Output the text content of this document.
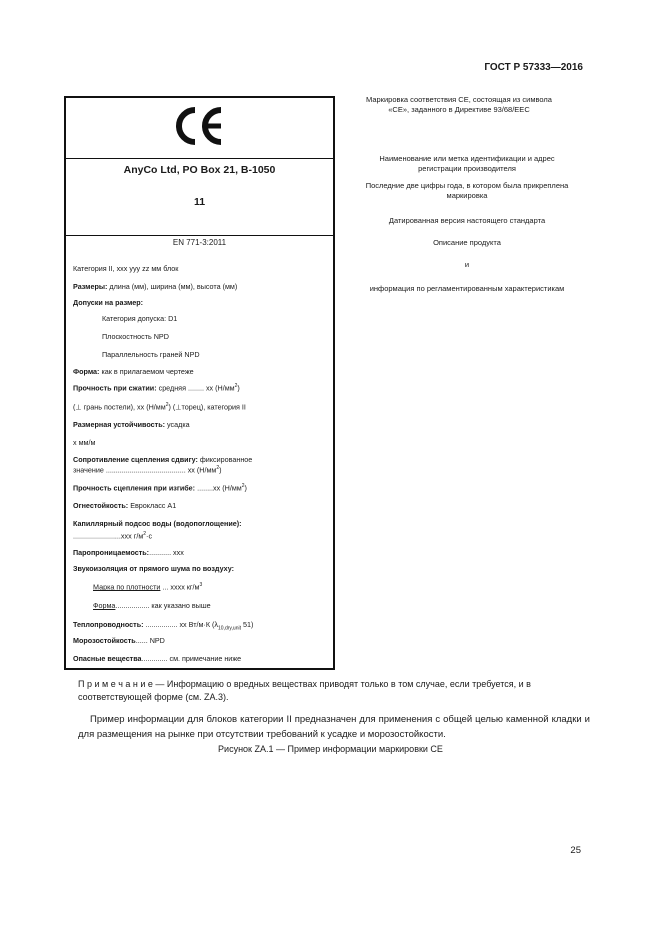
ГОСТ Р 57333—2016
AnyCo Ltd, PO Box 21, B-1050
11
EN 771-3:2011
Категория II, ххх ууу zz мм блок
Размеры: длина (мм), ширина (мм), высота (мм)
Допуски на размер:
Категория допуска: D1
Плоскостность NPD
Параллельность граней NPD
Форма: как в прилагаемом чертеже
Прочность при сжатии: средняя ........ хх $(Н/мм^2)$
(⊥ грань постели), хх $(Н/мм^2)$ (⊥торец), категория II
Размерная устойчивость: усадка
х мм/м
Сопротивление сцепления сдвигу: фиксированное
значение ........................................ хх $(Н/мм^2)$
Прочность сцепления при изгибе: ........хх $(Н/мм^2)$
Огнестойкость: Еврокласс А1
Капиллярный подсос воды (водопоглощение):
........................ххх $г/м^2\cdot с$
Паропроницаемость:........... ххх
Звукоизоляция от прямого шума по воздуху:
Марка по плотности ... хххх $кг/м^3$
Форма................. как указано выше
Теплопроводность: ................ хх Вт/м·К ($\lambda_{10,dry,unit}$ 51)
Морозостойкость...... NPD
Опасные вещества............. см. примечание ниже
Маркировка соответствия CE, состоящая из символа «CE», заданного в Директиве 93/68/EEC
Наименование или метка идентификации и адрес регистрации производителя
Последние две цифры года, в котором была прикреплена маркировка
Датированная версия настоящего стандарта
Описание продукта
и
информация по регламентированным характеристикам
П р и м е ч а н и е — Информацию о вредных веществах приводят только в том случае, если требуется, и в соответствующей форме (см. ZA.3).
Пример информации для блоков категории II предназначен для применения с общей целью каменной кладки и для размещения на рынке при отсутствии требований к усадке и морозостойкости.
Рисунок ZA.1 — Пример информации маркировки CE
25
